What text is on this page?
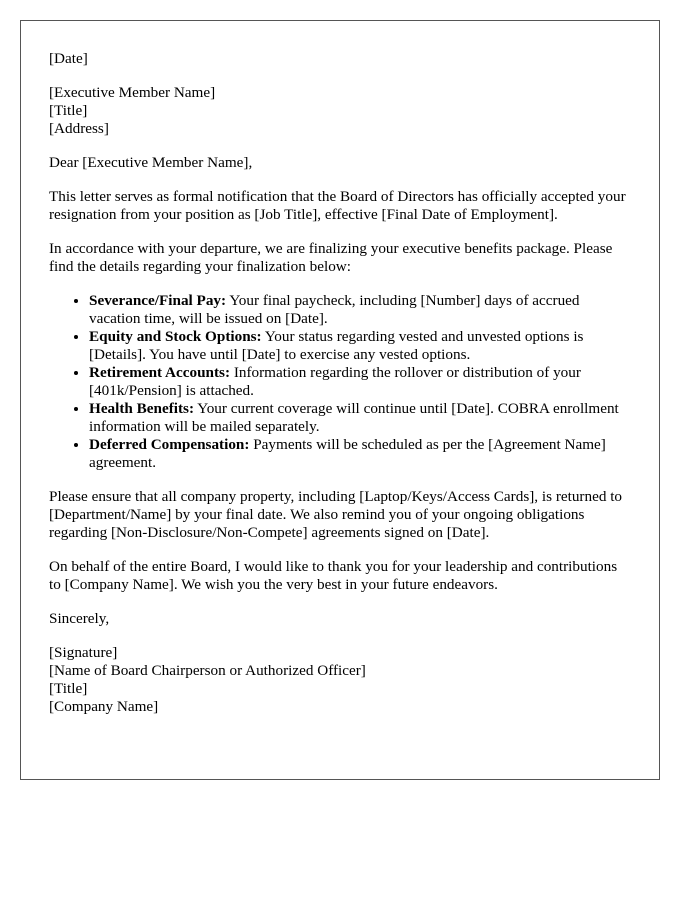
[Date]

[Executive Member Name]
[Title]
[Address]

Dear [Executive Member Name],

This letter serves as formal notification that the Board of Directors has officially accepted your resignation from your position as [Job Title], effective [Final Date of Employment].

In accordance with your departure, we are finalizing your executive benefits package. Please find the details regarding your finalization below:

• Severance/Final Pay: Your final paycheck, including [Number] days of accrued vacation time, will be issued on [Date].
• Equity and Stock Options: Your status regarding vested and unvested options is [Details]. You have until [Date] to exercise any vested options.
• Retirement Accounts: Information regarding the rollover or distribution of your [401k/Pension] is attached.
• Health Benefits: Your current coverage will continue until [Date]. COBRA enrollment information will be mailed separately.
• Deferred Compensation: Payments will be scheduled as per the [Agreement Name] agreement.

Please ensure that all company property, including [Laptop/Keys/Access Cards], is returned to [Department/Name] by your final date. We also remind you of your ongoing obligations regarding [Non-Disclosure/Non-Compete] agreements signed on [Date].

On behalf of the entire Board, I would like to thank you for your leadership and contributions to [Company Name]. We wish you the very best in your future endeavors.

Sincerely,

[Signature]
[Name of Board Chairperson or Authorized Officer]
[Title]
[Company Name]
